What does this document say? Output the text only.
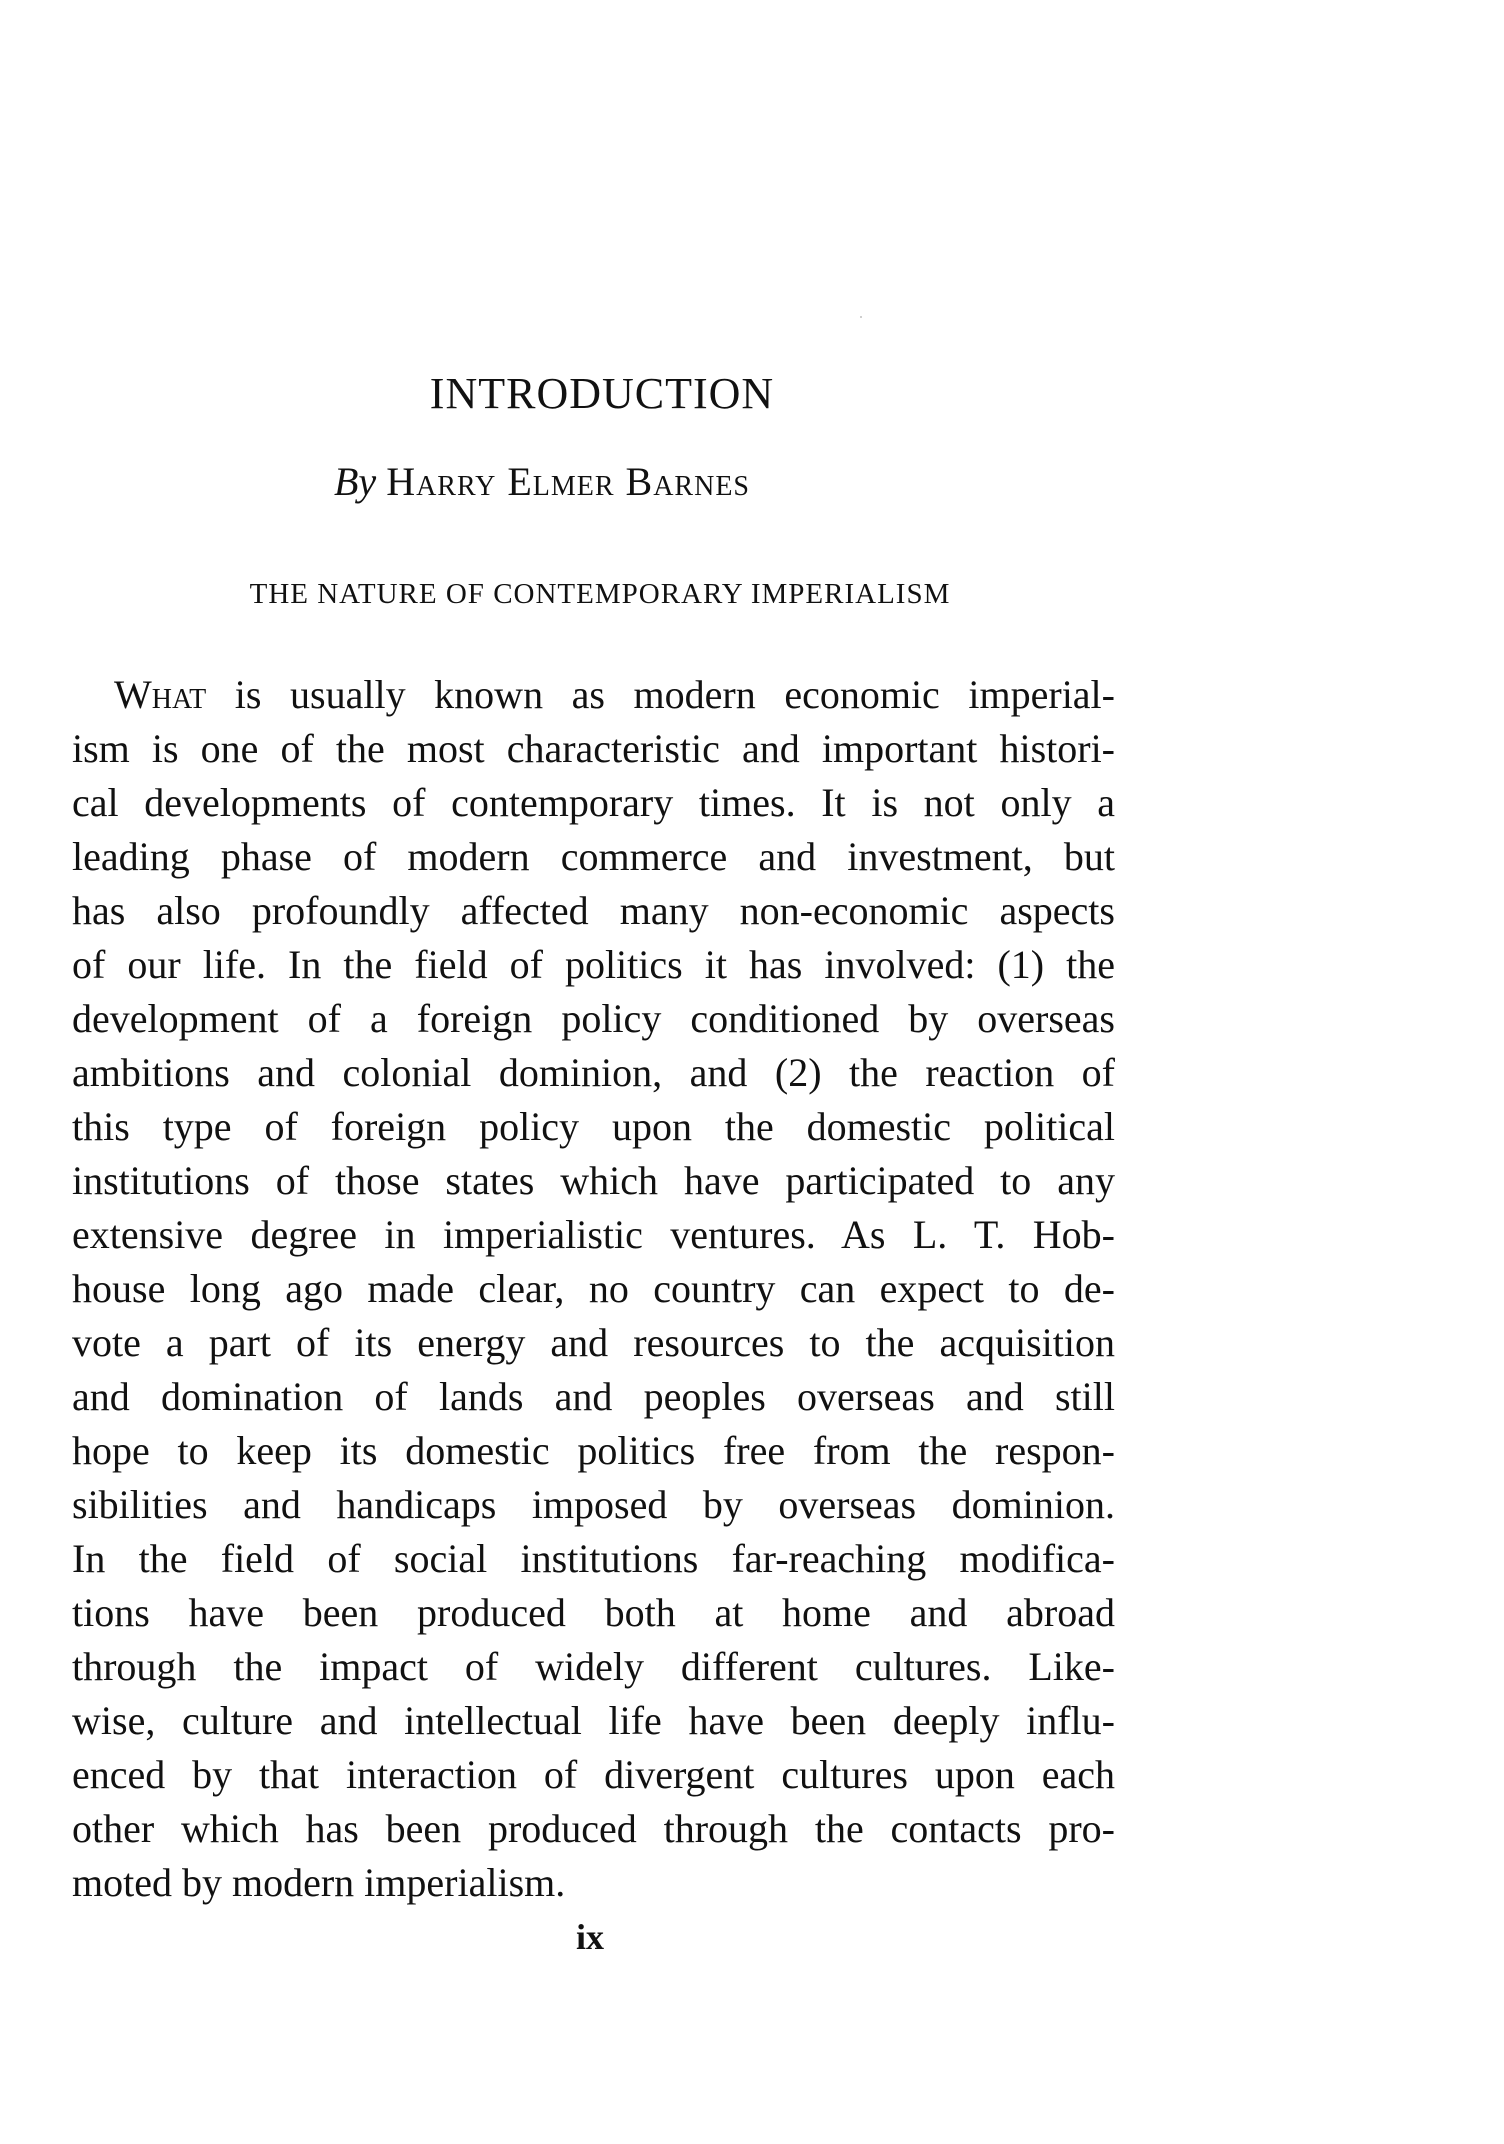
INTRODUCTION
By Harry Elmer Barnes
THE NATURE OF CONTEMPORARY IMPERIALISM
What is usually known as modern economic imperial-
ism is one of the most characteristic and important histori-
cal developments of contemporary times. It is not only a
leading phase of modern commerce and investment, but
has also profoundly affected many non-economic aspects
of our life. In the field of politics it has involved: (1) the
development of a foreign policy conditioned by overseas
ambitions and colonial dominion, and (2) the reaction of
this type of foreign policy upon the domestic political
institutions of those states which have participated to any
extensive degree in imperialistic ventures. As L. T. Hob-
house long ago made clear, no country can expect to de-
vote a part of its energy and resources to the acquisition
and domination of lands and peoples overseas and still
hope to keep its domestic politics free from the respon-
sibilities and handicaps imposed by overseas dominion.
In the field of social institutions far-reaching modifica-
tions have been produced both at home and abroad
through the impact of widely different cultures. Like-
wise, culture and intellectual life have been deeply influ-
enced by that interaction of divergent cultures upon each
other which has been produced through the contacts pro-
moted by modern imperialism.
ix
